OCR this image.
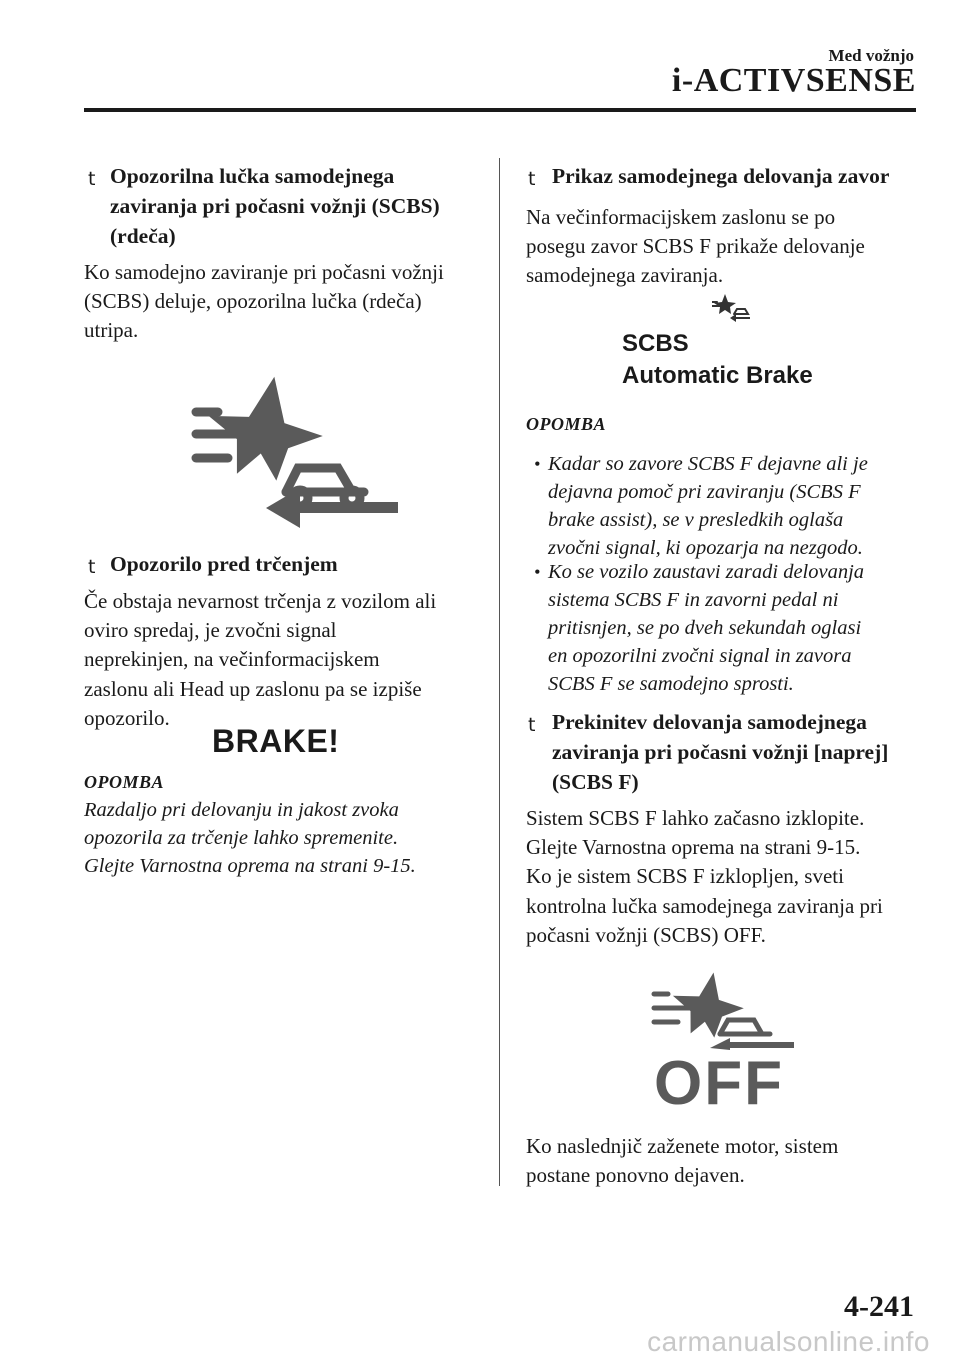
Med vožnjo
i-ACTIVSENSE
t Opozorilna lučka samodejnega
zaviranja pri počasni vožnji (SCBS)
(rdeča)
Ko samodejno zaviranje pri počasni vožnji
(SCBS) deluje, opozorilna lučka (rdeča)
utripa.
t Opozorilo pred trčenjem
Če obstaja nevarnost trčenja z vozilom ali
oviro spredaj, je zvočni signal
neprekinjen, na večinformacijskem
zaslonu ali Head up zaslonu pa se izpiše
opozorilo.
BRAKE!
OPOMBA
Razdaljo pri delovanju in jakost zvoka
opozorila za trčenje lahko spremenite.
Glejte Varnostna oprema na strani 9-15.
t Prikaz samodejnega delovanja zavor
Na večinformacijskem zaslonu se po
posegu zavor SCBS F prikaže delovanje
samodejnega zaviranja.
SCBS
Automatic Brake
OPOMBA
• Kadar so zavore SCBS F dejavne ali je
dejavna pomoč pri zaviranju (SCBS F
brake assist), se v presledkih oglaša
zvočni signal, ki opozarja na nezgodo.
• Ko se vozilo zaustavi zaradi delovanja
sistema SCBS F in zavorni pedal ni
pritisnjen, se po dveh sekundah oglasi
en opozorilni zvočni signal in zavora
SCBS F se samodejno sprosti.
t Prekinitev delovanja samodejnega
zaviranja pri počasni vožnji [naprej]
(SCBS F)
Sistem SCBS F lahko začasno izklopite.
Glejte Varnostna oprema na strani 9-15.
Ko je sistem SCBS F izklopljen, sveti
kontrolna lučka samodejnega zaviranja pri
počasni vožnji (SCBS) OFF.
OFF
Ko naslednjič zaženete motor, sistem
postane ponovno dejaven.
4-241
carmanualsonline.info
